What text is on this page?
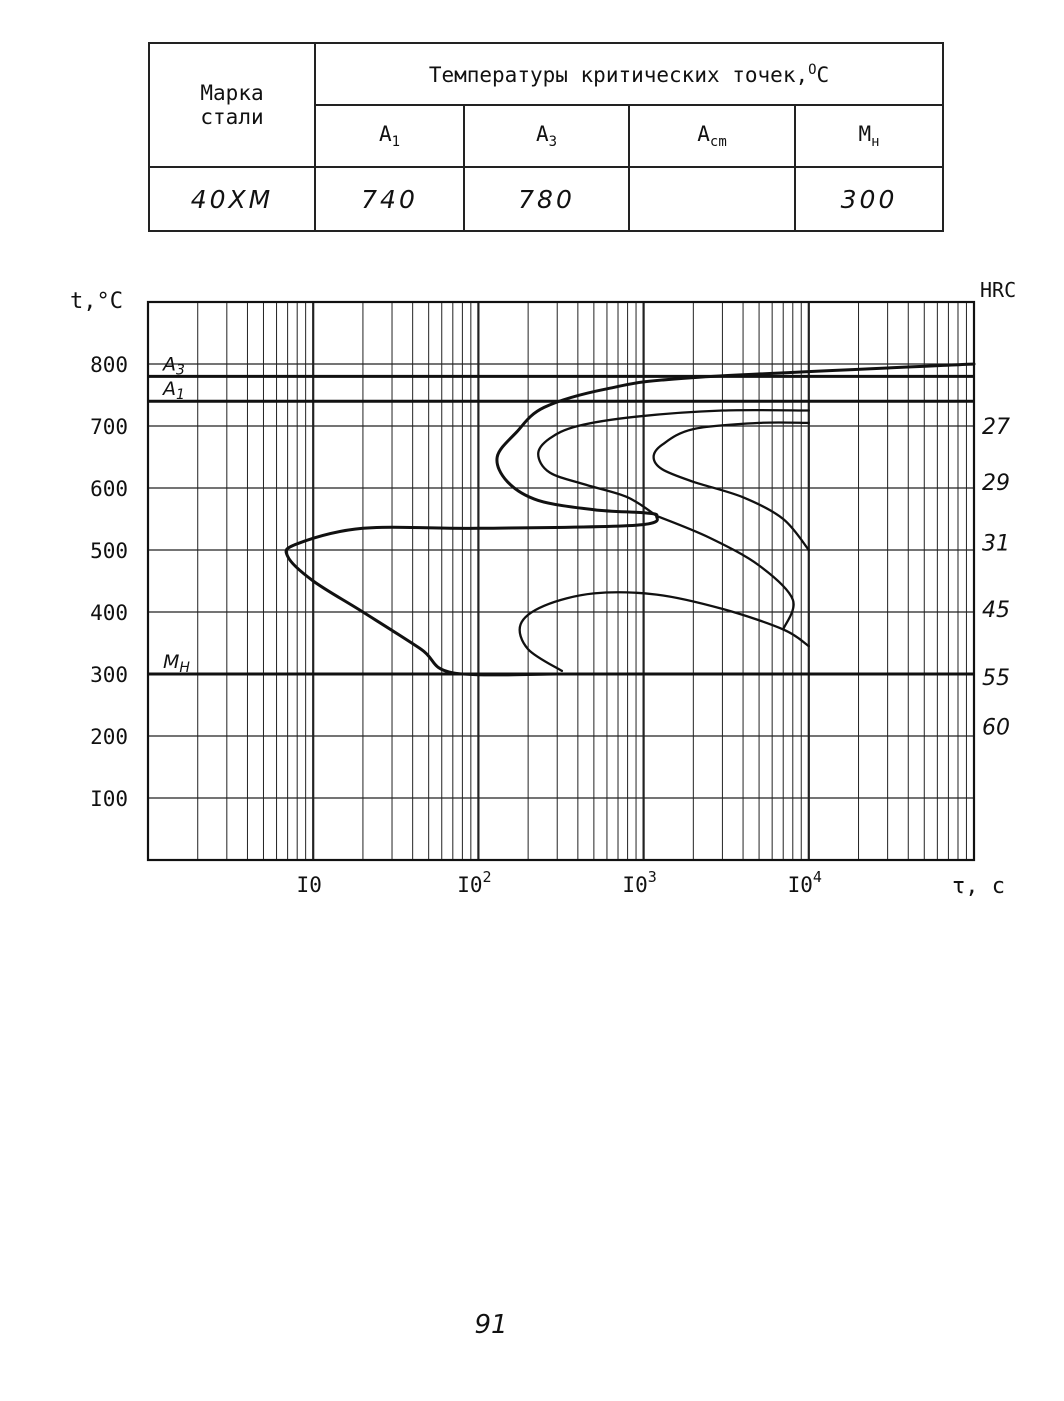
Марка
стали	Температуры критических точек,$^O$C			
	$A_1$	$A_3$	$A_{cm}$	$M_н$
40XM	740	780		300
$A_3$
$A_1$
$M_H$
800
700
600
500
400
300
200
I00
I0	$I0^2$	$I0^3$	$I0^4$
t,°C
τ, c
HRC
27
29
31
45
55
60
91
